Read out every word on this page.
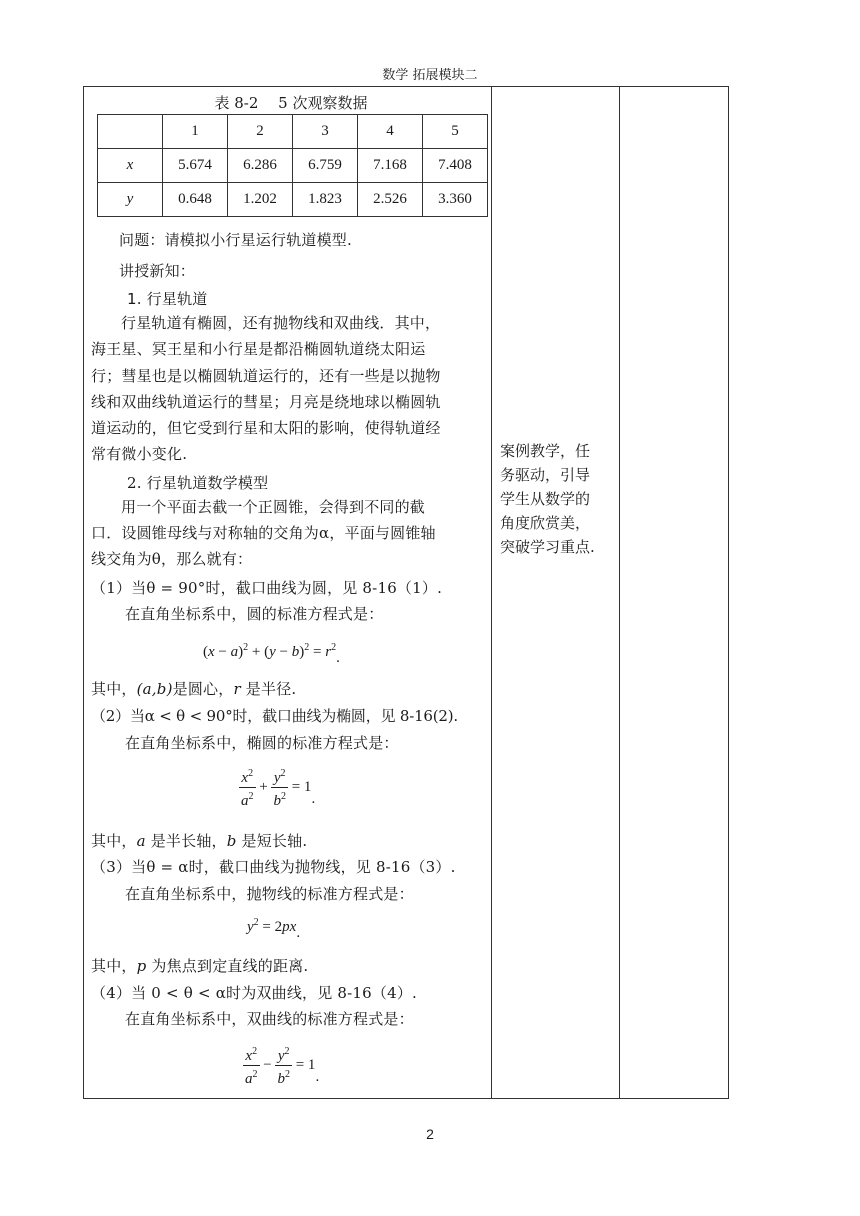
数学 拓展模块二
表 8-2　 5 次观察数据
	1	2	3	4	5
x	5.674	6.286	6.759	7.168	7.408
y	0.648	1.202	1.823	2.526	3.360
问题：请模拟小行星运行轨道模型.
讲授新知：
1. 行星轨道
行星轨道有椭圆，还有抛物线和双曲线．其中，
海王星、冥王星和小行星是都沿椭圆轨道绕太阳运
行；彗星也是以椭圆轨道运行的，还有一些是以抛物
线和双曲线轨道运行的彗星；月亮是绕地球以椭圆轨
道运动的，但它受到行星和太阳的影响，使得轨道经
常有微小变化.
2. 行星轨道数学模型
用一个平面去截一个正圆锥，会得到不同的截
口．设圆锥母线与对称轴的交角为α，平面与圆锥轴
线交角为θ，那么就有：
（1）当θ = 90°时，截口曲线为圆，见 8-16（1）.
在直角坐标系中，圆的标准方程式是：
$(x - a)^2 + (y - b)^2 = r^2$.
其中，(a,b)是圆心，r 是半径.
（2）当α < θ < 90°时，截口曲线为椭圆，见 8-16(2).
在直角坐标系中，椭圆的标准方程式是：
$\frac{x^2}{a^2} + \frac{y^2}{b^2} = 1$.
其中，a 是半长轴，b 是短长轴.
（3）当θ = α时，截口曲线为抛物线，见 8-16（3）.
在直角坐标系中，抛物线的标准方程式是：
$y^2 = 2px$.
其中，p 为焦点到定直线的距离.
（4）当 0 < θ < α时为双曲线，见 8-16（4）.
在直角坐标系中，双曲线的标准方程式是：
$\frac{x^2}{a^2} - \frac{y^2}{b^2} = 1$.
案例教学，任
务驱动，引导
学生从数学的
角度欣赏美，
突破学习重点.
2
